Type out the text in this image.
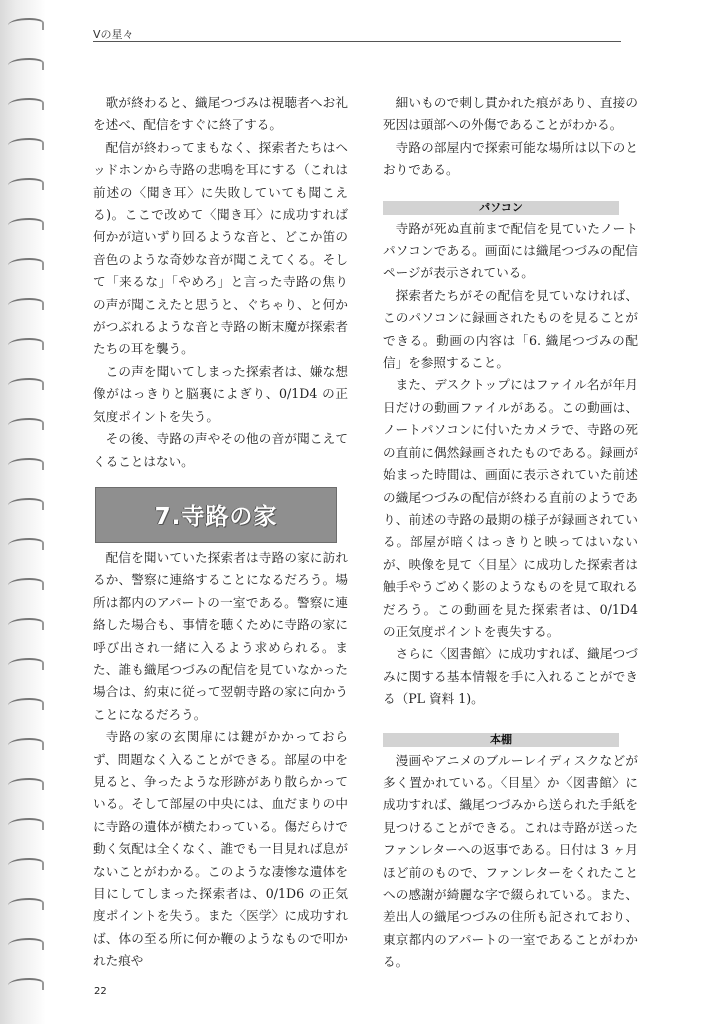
Vの星々

歌が終わると、織尾つづみは視聴者へお礼を述べ、配信をすぐに終了する。

配信が終わってまもなく、探索者たちはヘッドホンから寺路の悲鳴を耳にする（これは前述の〈聞き耳〉に失敗していても聞こえる)。ここで改めて〈聞き耳〉に成功すれば何かが這いずり回るような音と、どこか笛の音色のような奇妙な音が聞こえてくる。そして「来るな」「やめろ」と言った寺路の焦りの声が聞こえたと思うと、ぐちゃり、と何かがつぶれるような音と寺路の断末魔が探索者たちの耳を襲う。

この声を聞いてしまった探索者は、嫌な想像がはっきりと脳裏によぎり、0/1D4 の正気度ポイントを失う。

その後、寺路の声やその他の音が聞こえてくることはない。

7.寺路の家

配信を聞いていた探索者は寺路の家に訪れるか、警察に連絡することになるだろう。場所は都内のアパートの一室である。警察に連絡した場合も、事情を聴くために寺路の家に呼び出され一緒に入るよう求められる。また、誰も織尾つづみの配信を見ていなかった場合は、約束に従って翌朝寺路の家に向かうことになるだろう。

寺路の家の玄関扉には鍵がかかっておらず、問題なく入ることができる。部屋の中を見ると、争ったような形跡があり散らかっている。そして部屋の中央には、血だまりの中に寺路の遺体が横たわっている。傷だらけで動く気配は全くなく、誰でも一目見れば息がないことがわかる。このような凄惨な遺体を目にしてしまった探索者は、0/1D6 の正気度ポイントを失う。また〈医学〉に成功すれば、体の至る所に何か鞭のようなもので叩かれた痕や

細いもので刺し貫かれた痕があり、直接の死因は頭部への外傷であることがわかる。

寺路の部屋内で探索可能な場所は以下のとおりである。

パソコン

寺路が死ぬ直前まで配信を見ていたノートパソコンである。画面には織尾つづみの配信ページが表示されている。

探索者たちがその配信を見ていなければ、このパソコンに録画されたものを見ることができる。動画の内容は「6. 織尾つづみの配信」を参照すること。

また、デスクトップにはファイル名が年月日だけの動画ファイルがある。この動画は、ノートパソコンに付いたカメラで、寺路の死の直前に偶然録画されたものである。録画が始まった時間は、画面に表示されていた前述の織尾つづみの配信が終わる直前のようであり、前述の寺路の最期の様子が録画されている。部屋が暗くはっきりと映ってはいないが、映像を見て〈目星〉に成功した探索者は触手やうごめく影のようなものを見て取れるだろう。この動画を見た探索者は、0/1D4 の正気度ポイントを喪失する。

さらに〈図書館〉に成功すれば、織尾つづみに関する基本情報を手に入れることができる（PL 資料 1)。

本棚

漫画やアニメのブルーレイディスクなどが多く置かれている。〈目星〉か〈図書館〉に成功すれば、織尾つづみから送られた手紙を見つけることができる。これは寺路が送ったファンレターへの返事である。日付は 3 ヶ月ほど前のもので、ファンレターをくれたことへの感謝が綺麗な字で綴られている。また、差出人の織尾つづみの住所も記されており、東京都内のアパートの一室であることがわかる。

22
